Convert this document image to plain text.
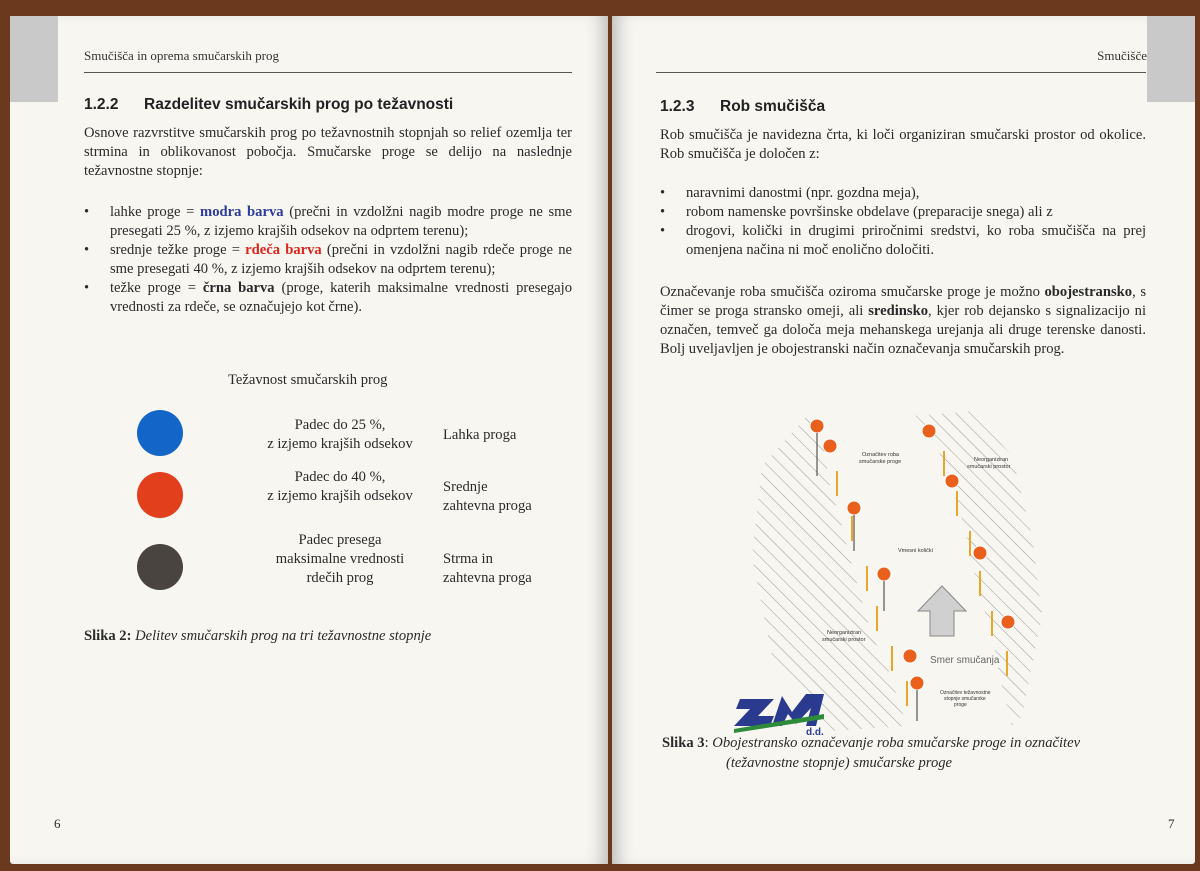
Smučišča in oprema smučarskih prog
1.2.2 Razdelitev smučarskih prog po težavnosti
Osnove razvrstitve smučarskih prog po težavnostnih stopnjah so relief ozemlja ter strmina in oblikovanost pobočja. Smučarske proge se delijo na naslednje težavnostne stopnje:
• lahke proge = modra barva (prečni in vzdolžni nagib modre proge ne sme presegati 25 %, z izjemo krajših odsekov na odprtem terenu);
• srednje težke proge = rdeča barva (prečni in vzdolžni nagib rdeče proge ne sme presegati 40 %, z izjemo krajših odsekov na odprtem terenu);
• težke proge = črna barva (proge, katerih maksimalne vrednosti presegajo vrednosti za rdeče, se označujejo kot črne).
Težavnost smučarskih prog
Padec do 25 %,
z izjemo krajših odsekov
Lahka proga
Padec do 40 %,
z izjemo krajših odsekov
Srednje
zahtevna proga
Padec presega
maksimalne vrednosti
rdečih prog
Strma in
zahtevna proga
Slika 2: Delitev smučarskih prog na tri težavnostne stopnje
6
Smučišče
1.2.3 Rob smučišča
Rob smučišča je navidezna črta, ki loči organiziran smučarski prostor od okolice. Rob smučišča je določen z:
• naravnimi danostmi (npr. gozdna meja),
• robom namenske površinske obdelave (preparacije snega) ali z
• drogovi, količki in drugimi priročnimi sredstvi, ko roba smučišča na prej omenjena načina ni moč enolično določiti.
Označevanje roba smučišča oziroma smučarske proge je možno obojestransko, s čimer se proga stransko omeji, ali sredinsko, kjer rob dejansko s signalizacijo ni označen, temveč ga določa meja mehanskega urejanja ali druge terenske danosti. Bolj uveljavljen je obojestranski način označevanja smučarskih prog.
Smer smučanja
Označitev roba smučarske proge	Neorganiziran smučarski prostor
Vmesni količki
Neorganiziran smučarski prostor
Označitev težavnostne stopnje smučarske proge
d.d.
Slika 3: Obojestransko označevanje roba smučarske proge in označitev
(težavnostne stopnje) smučarske proge
7
